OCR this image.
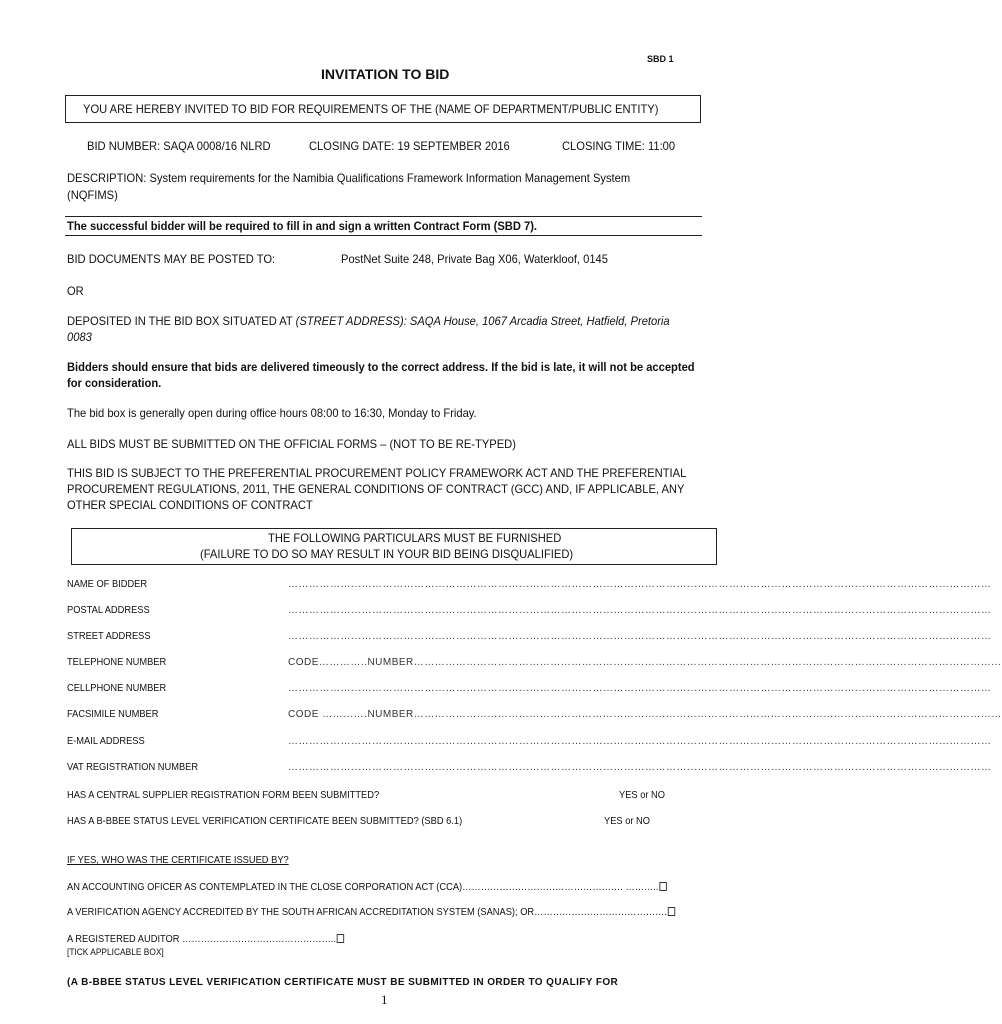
SBD 1
INVITATION TO BID
YOU ARE HEREBY INVITED TO BID FOR REQUIREMENTS OF THE (NAME OF DEPARTMENT/PUBLIC ENTITY)
BID NUMBER: SAQA 0008/16 NLRD	CLOSING DATE: 19 SEPTEMBER 2016	CLOSING TIME: 11:00
DESCRIPTION: System requirements for the Namibia Qualifications Framework Information Management System
(NQFIMS)
The successful bidder will be required to fill in and sign a written Contract Form (SBD 7).
BID DOCUMENTS MAY BE POSTED TO:	PostNet Suite 248, Private Bag X06, Waterkloof, 0145
OR
DEPOSITED IN THE BID BOX SITUATED AT (STREET ADDRESS): SAQA House, 1067 Arcadia Street, Hatfield, Pretoria
0083
Bidders should ensure that bids are delivered timeously to the correct address. If the bid is late, it will not be accepted
for consideration.
The bid box is generally open during office hours 08:00 to 16:30, Monday to Friday.
ALL BIDS MUST BE SUBMITTED ON THE OFFICIAL FORMS – (NOT TO BE RE-TYPED)
THIS BID IS SUBJECT TO THE PREFERENTIAL PROCUREMENT POLICY FRAMEWORK ACT AND THE PREFERENTIAL
PROCUREMENT REGULATIONS, 2011, THE GENERAL CONDITIONS OF CONTRACT (GCC) AND, IF APPLICABLE, ANY
OTHER SPECIAL CONDITIONS OF CONTRACT
THE FOLLOWING PARTICULARS MUST BE FURNISHED
(FAILURE TO DO SO MAY RESULT IN YOUR BID BEING DISQUALIFIED)
NAME OF BIDDER	…………………………………………………………………………………………………………………………………………………………………………………
POSTAL ADDRESS	…………………………………………………………………………………………………………………………………………………………………………………
STREET ADDRESS	…………………………………………………………………………………………………………………………………………………………………………………
TELEPHONE NUMBER	CODE…………..NUMBER…………………………………………………………………………………………………………………………………………………...
CELLPHONE NUMBER	…………………………………………………………………………………………………………………………………………………………………………………
FACSIMILE NUMBER	CODE ………….NUMBER……………………………………………………………………………………………………………………………………………………
E-MAIL ADDRESS	…………………………………………………………………………………………………………………………………………………………………………………
VAT REGISTRATION NUMBER	…………………………………………………………………………………………………………………………………………………………………………………
HAS A CENTRAL SUPPLIER REGISTRATION FORM BEEN SUBMITTED?	YES or NO
HAS A B-BBEE STATUS LEVEL VERIFICATION CERTIFICATE BEEN SUBMITTED? (SBD 6.1)	YES or NO
IF YES, WHO WAS THE CERTIFICATE ISSUED BY?
AN ACCOUNTING OFICER AS CONTEMPLATED IN THE CLOSE CORPORATION ACT (CCA)……………………………………………. ………..
A VERIFICATION AGENCY ACCREDITED BY THE SOUTH AFRICAN ACCREDITATION SYSTEM (SANAS); OR…………………………………….
A REGISTERED AUDITOR …………………………………………..
[TICK APPLICABLE BOX]
(A B-BBEE STATUS LEVEL VERIFICATION CERTIFICATE MUST BE SUBMITTED IN ORDER TO QUALIFY FOR
1
